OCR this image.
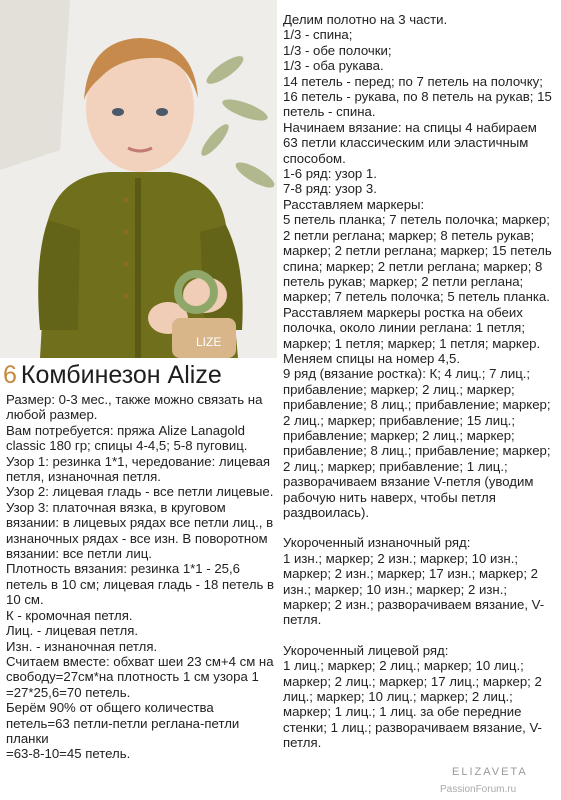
LIZE
6 Комбинезон Alize

Размер: 0-3 мес., также можно связать на любой размер.

Вам потребуется: пряжа Alize Lanagold classic 180 гр; спицы 4-4,5; 5-8 пуговиц.

Узор 1: резинка 1*1, чередование: лицевая петля, изнаночная петля.

Узор 2: лицевая гладь - все петли лицевые.

Узор 3: платочная вязка, в круговом вязании: в лицевых рядах все петли лиц., в изнаночных рядах - все изн. В поворотном вязании: все петли лиц.

Плотность вязания: резинка 1*1 - 25,6 петель в 10 см; лицевая гладь - 18 петель в 10 см.

К - кромочная петля.

Лиц. - лицевая петля.

Изн. - изнаночная петля.

Считаем вместе: обхват шеи 23 см+4 см на свободу=27см*на плотность 1 см узора 1

=27*25,6=70 петель.

Берём 90% от общего количества петель=63 петли-петли реглана-петли планки

=63-8-10=45 петель.

Делим полотно на 3 части.

1/3 - спина;

1/3 - обе полочки;

1/3 - оба рукава.

14 петель - перед; по 7 петель на полочку; 16 петель - рукава, по 8 петель на рукав; 15 петель - спина.

Начинаем вязание: на спицы 4 набираем 63 петли классическим или эластичным способом.

1-6 ряд: узор 1.

7-8 ряд: узор 3.

Расставляем маркеры:

5 петель планка; 7 петель полочка; маркер; 2 петли реглана; маркер; 8 петель рукав; маркер; 2 петли реглана; маркер; 15 петель спина; маркер; 2 петли реглана; маркер; 8 петель рукав; маркер; 2 петли реглана; маркер; 7 петель полочка; 5 петель планка.

Расставляем маркеры ростка на обеих полочка, около линии реглана: 1 петля; маркер; 1 петля; маркер; 1 петля; маркер.

Меняем спицы на номер 4,5.

9 ряд (вязание ростка): К; 4 лиц.; 7 лиц.; прибавление; маркер; 2 лиц.; маркер; прибавление; 8 лиц.; прибавление; маркер; 2 лиц.; маркер; прибавление; 15 лиц.; прибавление; маркер; 2 лиц.; маркер; прибавление; 8 лиц.; прибавление; маркер; 2 лиц.; маркер; прибавление; 1 лиц.; разворачиваем вязание V-петля (уводим рабочую нить наверх, чтобы петля раздвоилась).

Укороченный изнаночный ряд:

1 изн.; маркер; 2 изн.; маркер; 10 изн.; маркер; 2 изн.; маркер; 17 изн.; маркер; 2 изн.; маркер; 10 изн.; маркер; 2 изн.; маркер; 2 изн.; разворачиваем вязание, V-петля.

Укороченный лицевой ряд:

1 лиц.; маркер; 2 лиц.; маркер; 10 лиц.; маркер; 2 лиц.; маркер; 17 лиц.; маркер; 2 лиц.; маркер; 10 лиц.; маркер; 2 лиц.; маркер; 1 лиц.; 1 лиц. за обе передние стенки; 1 лиц.; разворачиваем вязание, V-петля.

ELIZAVETA
PassionForum.ru
